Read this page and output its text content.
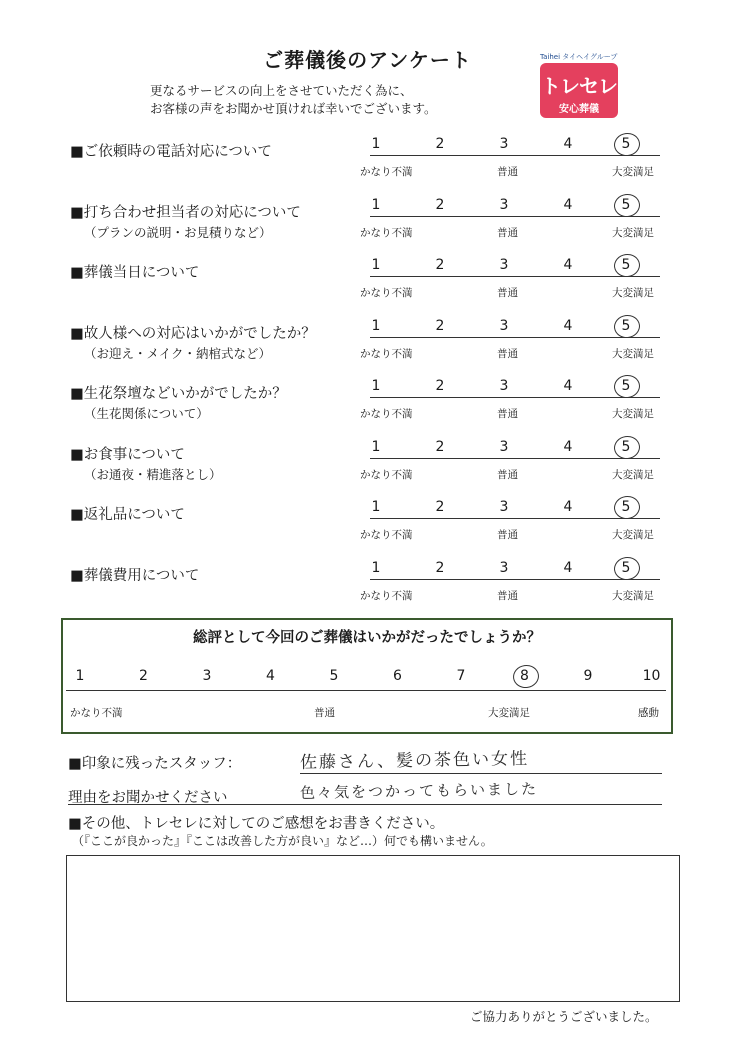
ご葬儀後のアンケート
更なるサービスの向上をさせていただく為に、
お客様の声をお聞かせ頂ければ幸いでございます。
Taihei タイヘイグループ
トレセレ
安心葬儀
■ご依頼時の電話対応について	1	2	3	4	5
かなり不満	普通	大変満足
■打ち合わせ担当者の対応について
（プランの説明・お見積りなど）
1	2	3	4	5
かなり不満	普通	大変満足
■葬儀当日について	1	2	3	4	5
かなり不満	普通	大変満足
■故人様への対応はいかがでしたか？
（お迎え・メイク・納棺式など）
1	2	3	4	5
かなり不満	普通	大変満足
■生花祭壇などいかがでしたか？
（生花関係について）
1	2	3	4	5
かなり不満	普通	大変満足
■お食事について
（お通夜・精進落とし）
1	2	3	4	5
かなり不満	普通	大変満足
■返礼品について	1	2	3	4	5
かなり不満	普通	大変満足
■葬儀費用について	1	2	3	4	5
かなり不満	普通	大変満足
総評として今回のご葬儀はいかがだったでしょうか？
1	2	3	4	5	6	7	8	9	10
かなり不満	普通	大変満足	感動
■印象に残ったスタッフ：	佐藤さん、髪の茶色い女性
理由をお聞かせください	色々気をつかってもらいました
■その他、トレセレに対してのご感想をお書きください。
（『ここが良かった』『ここは改善した方が良い』など…）何でも構いません。
ご協力ありがとうございました。
